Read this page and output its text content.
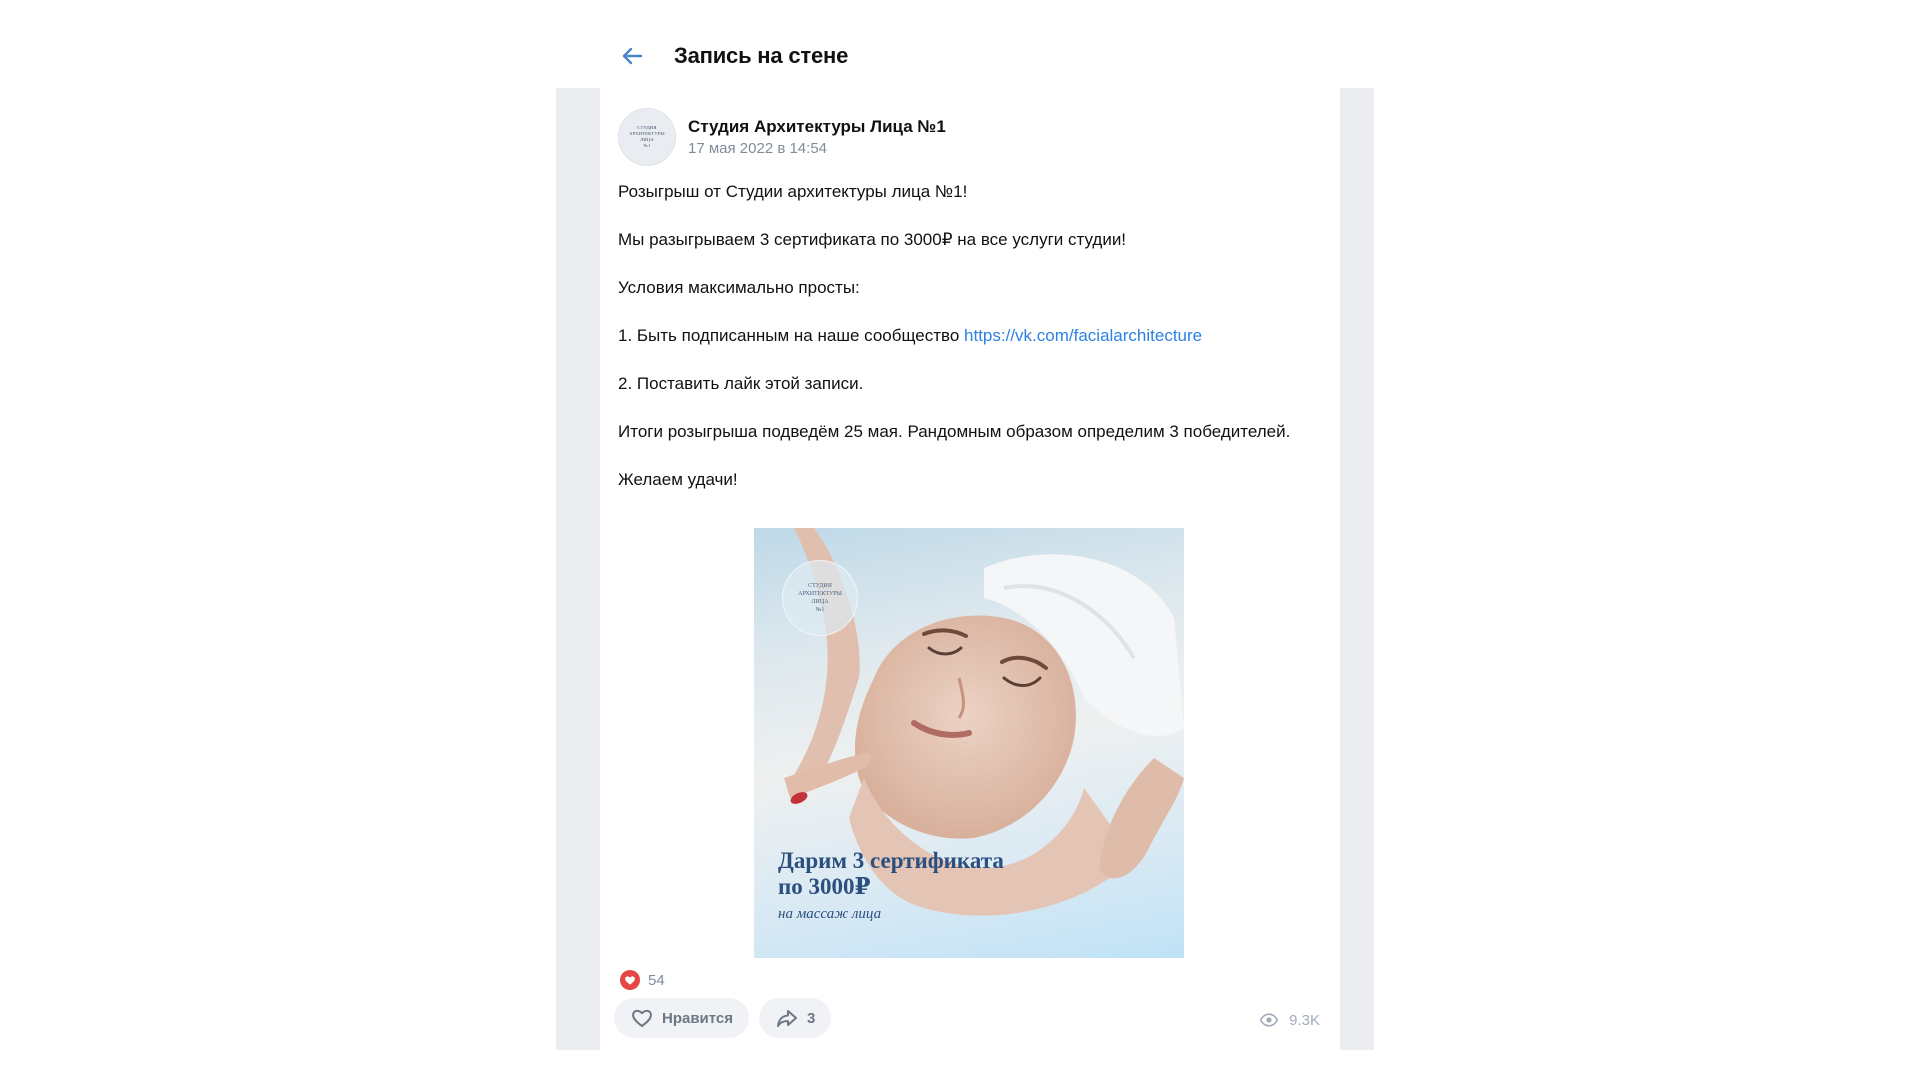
Запись на стене
СТУДИЯ
АРХИТЕКТУРЫ
ЛИЦА
№1
Студия Архитектуры Лица №1
17 мая 2022 в 14:54

Розыгрыш от Студии архитектуры лица №1!

Мы разыгрываем 3 сертификата по 3000₽ на все услуги студии!

Условия максимально просты:

1. Быть подписанным на наше сообщество https://vk.com/facialarchitecture

2. Поставить лайк этой записи.

Итоги розыгрыша подведём 25 мая. Рандомным образом определим 3 победителей.

Желаем удачи!

СТУДИЯ
АРХИТЕКТУРЫ
ЛИЦА
№1
Дарим 3 сертификата
по 3000₽
на массаж лица
54
Нравится	3	9.3K
